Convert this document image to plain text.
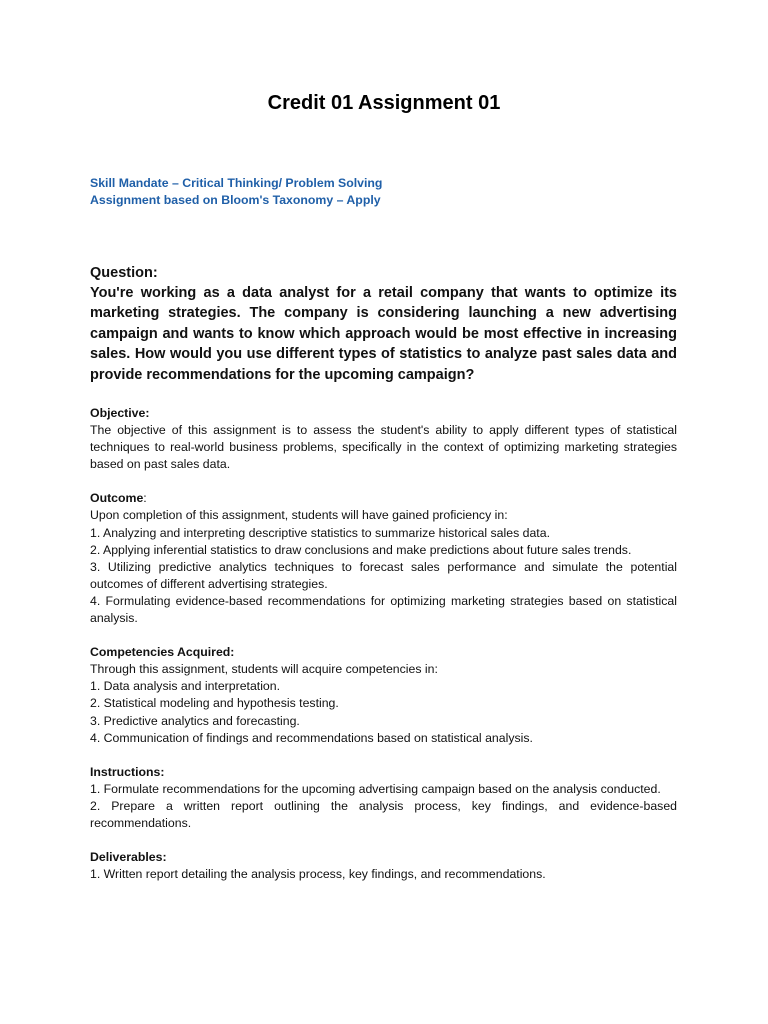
Credit 01 Assignment 01
Skill Mandate – Critical Thinking/ Problem Solving
Assignment based on Bloom's Taxonomy – Apply

Question:

You're working as a data analyst for a retail company that wants to optimize its marketing strategies. The company is considering launching a new advertising campaign and wants to know which approach would be most effective in increasing sales. How would you use different types of statistics to analyze past sales data and provide recommendations for the upcoming campaign?

Objective:

The objective of this assignment is to assess the student's ability to apply different types of statistical techniques to real-world business problems, specifically in the context of optimizing marketing strategies based on past sales data.

Outcome:

Upon completion of this assignment, students will have gained proficiency in:

1. Analyzing and interpreting descriptive statistics to summarize historical sales data.

2. Applying inferential statistics to draw conclusions and make predictions about future sales trends.

3. Utilizing predictive analytics techniques to forecast sales performance and simulate the potential outcomes of different advertising strategies.

4. Formulating evidence-based recommendations for optimizing marketing strategies based on statistical analysis.

Competencies Acquired:

Through this assignment, students will acquire competencies in:

1. Data analysis and interpretation.

2. Statistical modeling and hypothesis testing.

3. Predictive analytics and forecasting.

4. Communication of findings and recommendations based on statistical analysis.

Instructions:

1. Formulate recommendations for the upcoming advertising campaign based on the analysis conducted.

2. Prepare a written report outlining the analysis process, key findings, and evidence-based recommendations.

Deliverables:

1. Written report detailing the analysis process, key findings, and recommendations.
